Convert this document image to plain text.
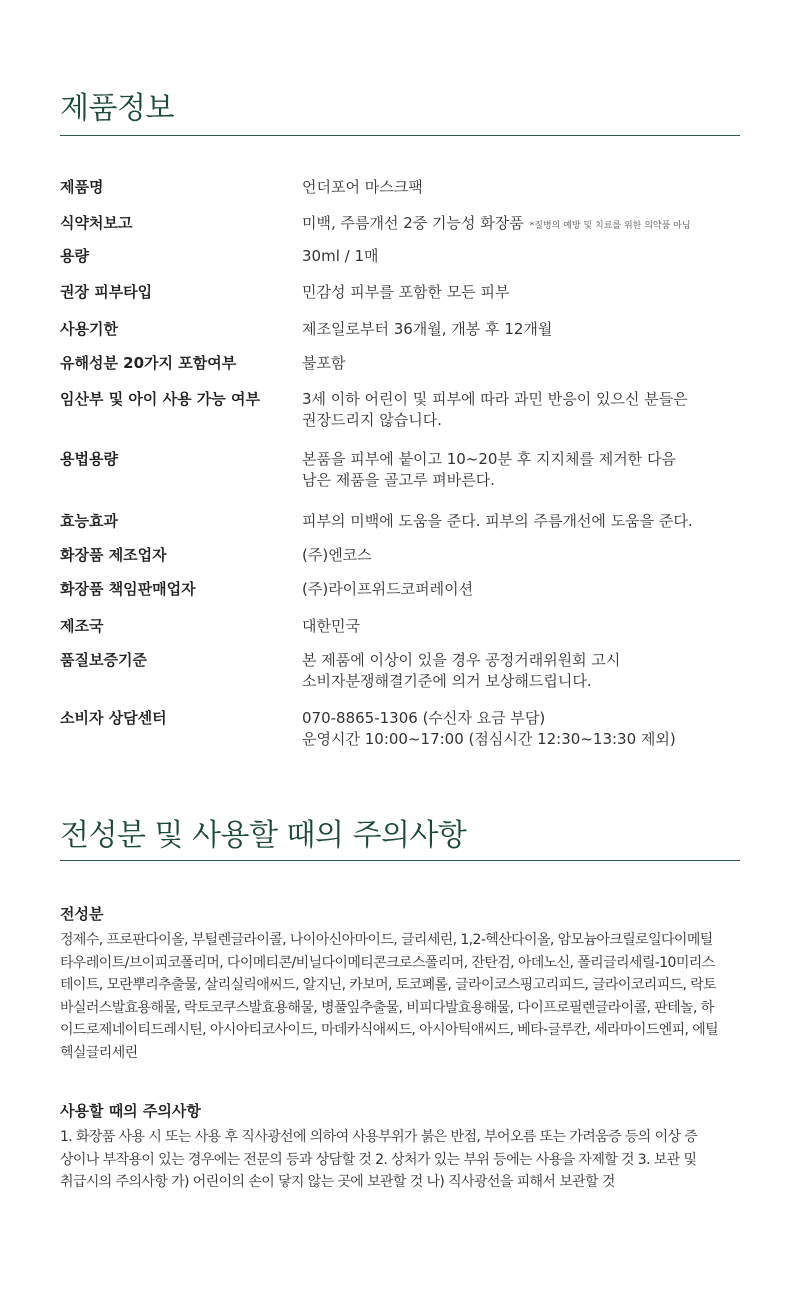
제품정보
제품명	언더포어 마스크팩
식약처보고	미백, 주름개선 2중 기능성 화장품 *질병의 예방 및 치료를 위한 의약품 아님
용량	30ml / 1매
권장 피부타입	민감성 피부를 포함한 모든 피부
사용기한	제조일로부터 36개월, 개봉 후 12개월
유해성분 20가지 포함여부	불포함
임산부 및 아이 사용 가능 여부	3세 이하 어린이 및 피부에 따라 과민 반응이 있으신 분들은
권장드리지 않습니다.
용법용량	본품을 피부에 붙이고 10~20분 후 지지체를 제거한 다음
남은 제품을 골고루 펴바른다.
효능효과	피부의 미백에 도움을 준다. 피부의 주름개선에 도움을 준다.
화장품 제조업자	(주)엔코스
화장품 책임판매업자	(주)라이프위드코퍼레이션
제조국	대한민국
품질보증기준	본 제품에 이상이 있을 경우 공정거래위원회 고시
소비자분쟁해결기준에 의거 보상해드립니다.
소비자 상담센터	070-8865-1306 (수신자 요금 부담)
운영시간 10:00~17:00 (점심시간 12:30~13:30 제외)
전성분 및 사용할 때의 주의사항
전성분
정제수, 프로판다이올, 부틸렌글라이콜, 나이아신아마이드, 글리세린, 1,2-헥산다이올, 암모늄아크릴로일다이메틸
타우레이트/브이피코폴리머, 다이메티콘/비닐다이메티콘크로스폴리머, 잔탄검, 아데노신, 폴리글리세릴-10미리스
테이트, 모란뿌리추출물, 살리실릭애씨드, 알지닌, 카보머, 토코페롤, 글라이코스핑고리피드, 글라이코리피드, 락토
바실러스발효용해물, 락토코쿠스발효용해물, 병풀잎추출물, 비피다발효용해물, 다이프로필렌글라이콜, 판테놀, 하
이드로제네이티드레시틴, 아시아티코사이드, 마데카식애씨드, 아시아틱애씨드, 베타-글루칸, 세라마이드엔피, 에틸
헥실글리세린
사용할 때의 주의사항
1. 화장품 사용 시 또는 사용 후 직사광선에 의하여 사용부위가 붉은 반점, 부어오름 또는 가려움증 등의 이상 증
상이나 부작용이 있는 경우에는 전문의 등과 상담할 것 2. 상처가 있는 부위 등에는 사용을 자제할 것 3. 보관 및
취급시의 주의사항 가) 어린이의 손이 닿지 않는 곳에 보관할 것 나) 직사광선을 피해서 보관할 것
